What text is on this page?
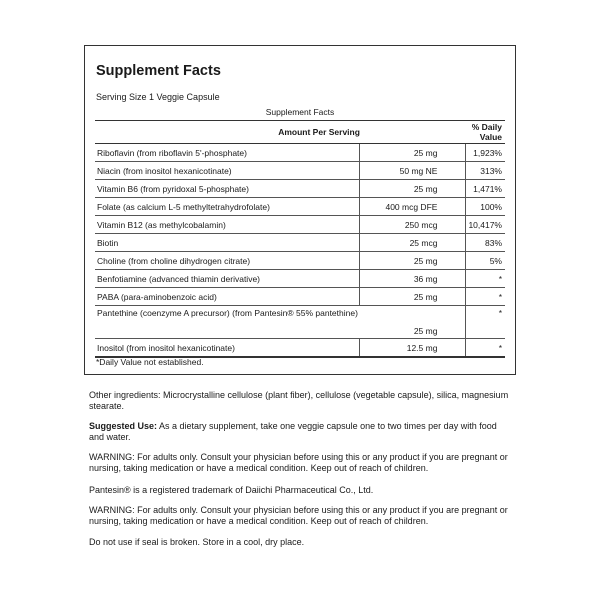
Supplement Facts
Serving Size 1 Veggie Capsule
Supplement Facts
Amount Per Serving		% Daily Value
Riboflavin (from riboflavin 5'-phosphate)	25 mg	1,923%
Niacin (from inositol hexanicotinate)	50 mg NE	313%
Vitamin B6 (from pyridoxal 5-phosphate)	25 mg	1,471%
Folate (as calcium L-5 methyltetrahydrofolate)	400 mcg DFE	100%
Vitamin B12 (as methylcobalamin)	250 mcg	10,417%
Biotin	25 mcg	83%
Choline (from choline dihydrogen citrate)	25 mg	5%
Benfotiamine (advanced thiamin derivative)	36 mg	*
PABA (para-aminobenzoic acid)	25 mg	*
Pantethine (coenzyme A precursor) (from Pantesin® 55% pantethine)	25 mg	*
Inositol (from inositol hexanicotinate)	12.5 mg	*
*Daily Value not established.
Other ingredients: Microcrystalline cellulose (plant fiber), cellulose (vegetable capsule), silica, magnesium stearate.
Suggested Use: As a dietary supplement, take one veggie capsule one to two times per day with food and water.
WARNING: For adults only. Consult your physician before using this or any product if you are pregnant or nursing, taking medication or have a medical condition. Keep out of reach of children.
Pantesin® is a registered trademark of Daiichi Pharmaceutical Co., Ltd.
WARNING: For adults only. Consult your physician before using this or any product if you are pregnant or nursing, taking medication or have a medical condition. Keep out of reach of children.
Do not use if seal is broken. Store in a cool, dry place.
